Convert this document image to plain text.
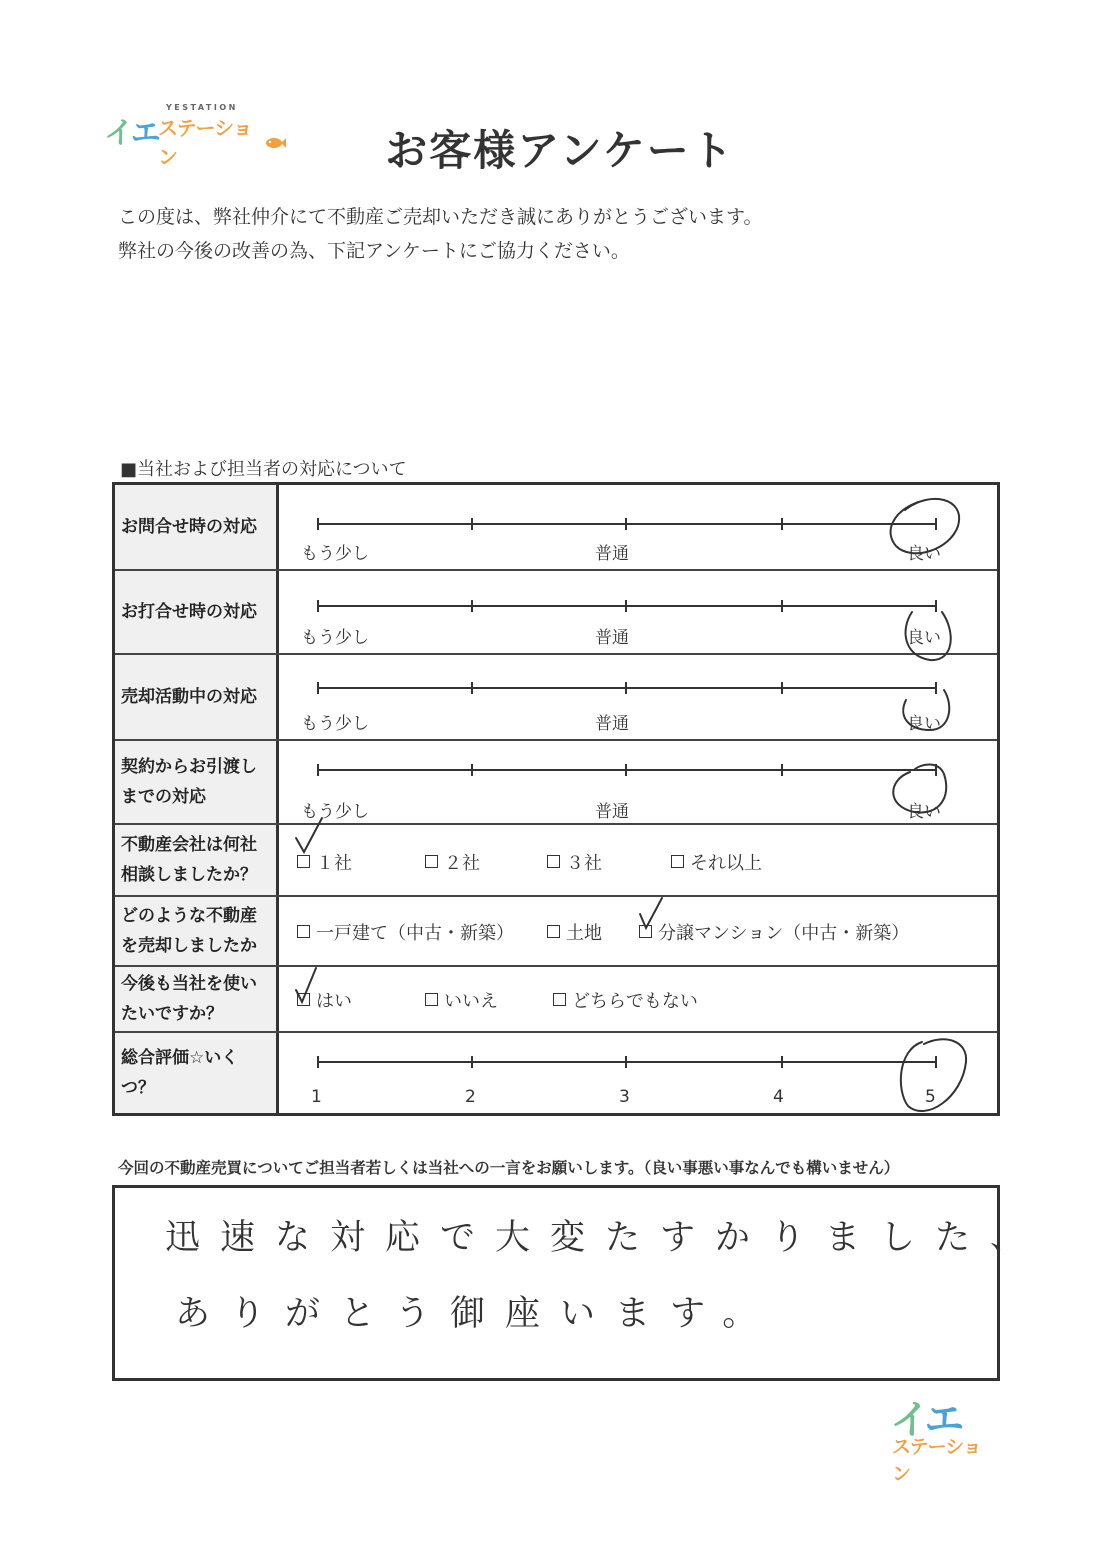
YESTATION
イエ ステーション	お客様アンケート
この度は、弊社仲介にて不動産ご売却いただき誠にありがとうございます。
弊社の今後の改善の為、下記アンケートにご協力ください。
■当社および担当者の対応について
お問合せ時の対応
もう少し	普通	良い
お打合せ時の対応
もう少し	普通	良い
売却活動中の対応
もう少し	普通	良い
契約からお引渡し
までの対応
もう少し	普通	良い
不動産会社は何社
相談しましたか？
１社	２社	３社	それ以上
どのような不動産
を売却しましたか
一戸建て（中古・新築）	土地	分譲マンション（中古・新築）
今後も当社を使い
たいですか？
はい	いいえ	どちらでもない
総合評価☆いくつ？	1	2	3	4	5
今回の不動産売買についてご担当者若しくは当社への一言をお願いします。（良い事悪い事なんでも構いません）
迅速な対応で大変たすかりました、
ありがとう御座います。
イエ
ステーション
